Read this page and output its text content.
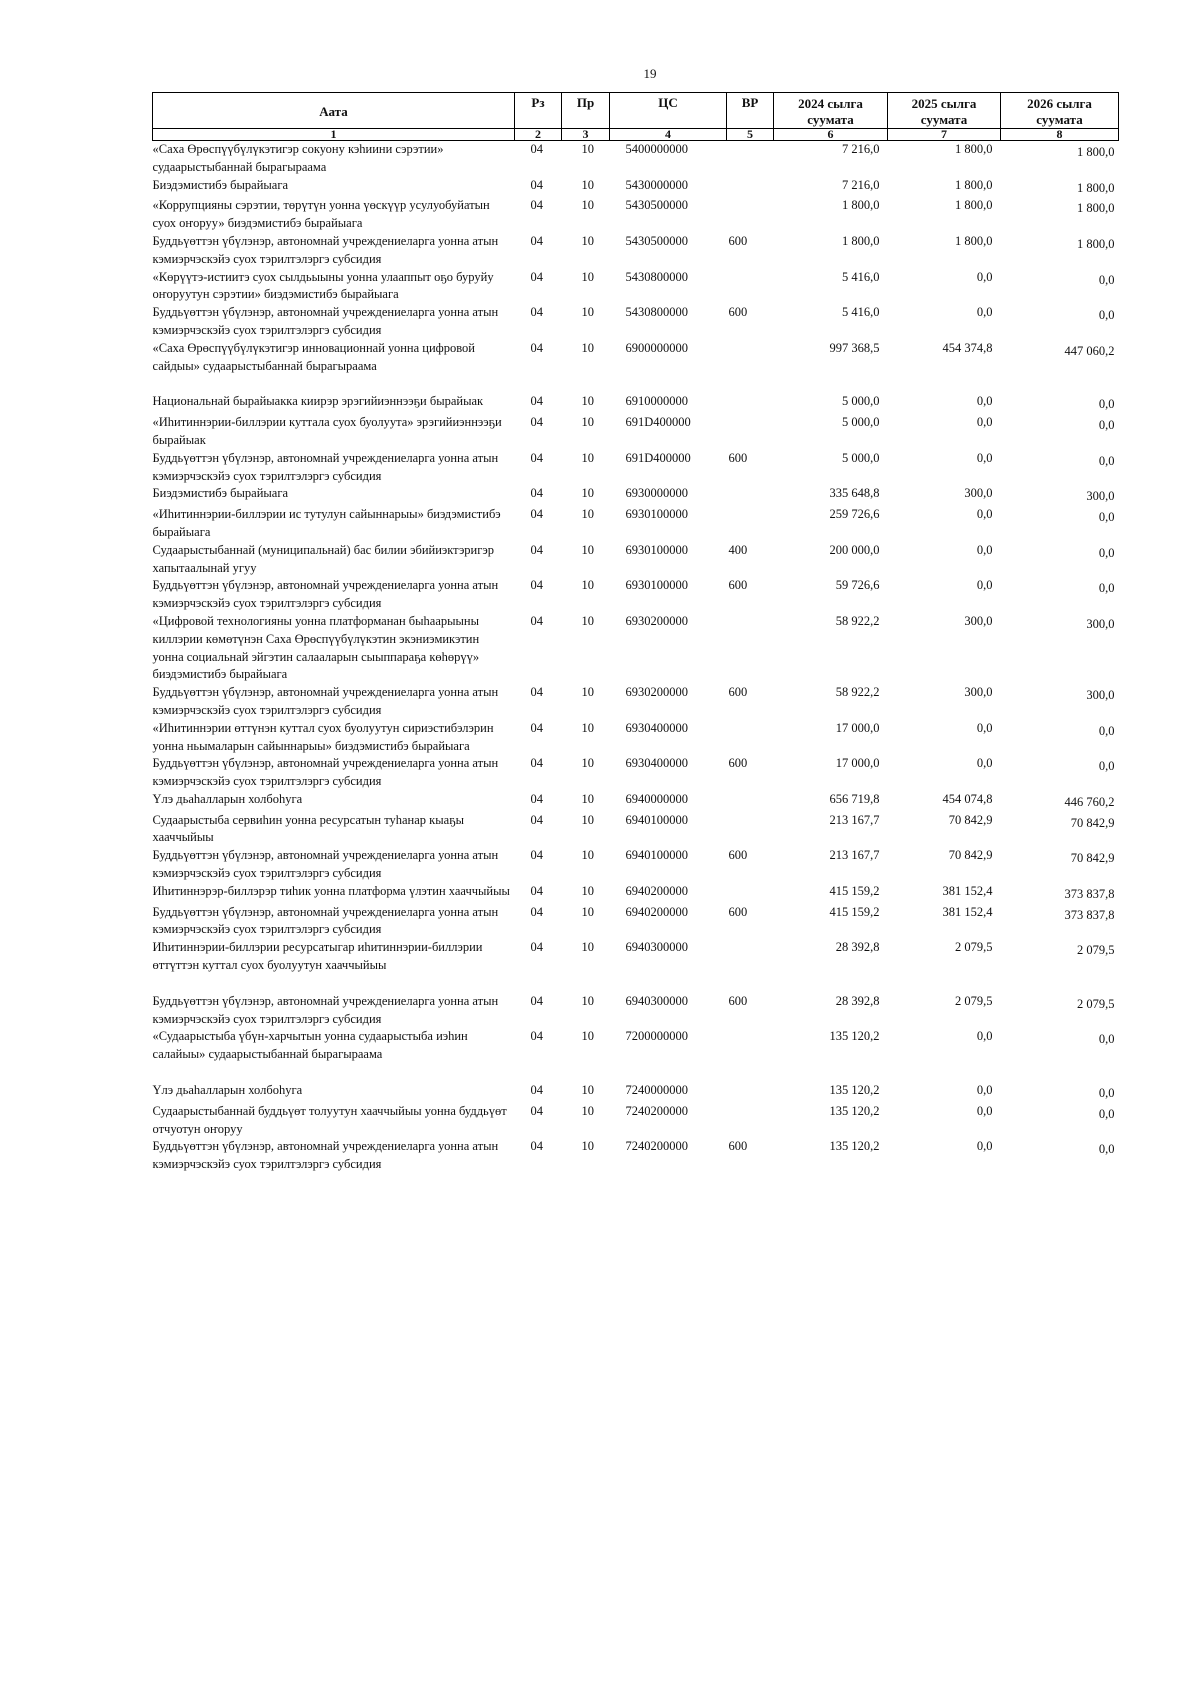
19
Аата	Рз	Пр	ЦС	ВР	2024 сылга суумата	2025 сылга суумата	2026 сылга суумата
1	2	3	4	5	6	7	8
«Саха Өрөспүүбүлүкэтигэр сокуону кэһиини сэрэтии» судаарыстыбаннай бырагыраама	04	10	5400000000		7 216,0	1 800,0	1 800,0
Биэдэмистибэ бырайыага	04	10	5430000000		7 216,0	1 800,0	1 800,0
«Коррупцияны сэрэтии, төрүтүн уонна үөскүүр усулуобуйатын суох оҥоруу» биэдэмистибэ бырайыага	04	10	5430500000		1 800,0	1 800,0	1 800,0
Буддьүөттэн үбүлэнэр, автономнай учреждениеларга уонна атын кэмиэрчэскэйэ суох тэрилтэлэргэ субсидия	04	10	5430500000	600	1 800,0	1 800,0	1 800,0
«Көрүүтэ-истиитэ суох сылдьыыны уонна улааппыт оҕо буруйу оҥоруутун сэрэтии» биэдэмистибэ бырайыага	04	10	5430800000		5 416,0	0,0	0,0
Буддьүөттэн үбүлэнэр, автономнай учреждениеларга уонна атын кэмиэрчэскэйэ суох тэрилтэлэргэ субсидия	04	10	5430800000	600	5 416,0	0,0	0,0
«Саха Өрөспүүбүлүкэтигэр инновационнай уонна цифровой сайдыы» судаарыстыбаннай бырагыраама	04	10	6900000000		997 368,5	454 374,8	447 060,2
Национальнай бырайыакка киирэр эрэгийиэннээҕи бырайыак	04	10	6910000000		5 000,0	0,0	0,0
«Иһитиннэрии-биллэрии куттала суох буолуута» эрэгийиэннээҕи бырайыак	04	10	691D400000		5 000,0	0,0	0,0
Буддьүөттэн үбүлэнэр, автономнай учреждениеларга уонна атын кэмиэрчэскэйэ суох тэрилтэлэргэ субсидия	04	10	691D400000	600	5 000,0	0,0	0,0
Биэдэмистибэ бырайыага	04	10	6930000000		335 648,8	300,0	300,0
«Иһитиннэрии-биллэрии ис тутулун сайыннарыы» биэдэмистибэ бырайыага	04	10	6930100000		259 726,6	0,0	0,0
Судаарыстыбаннай (муниципальнай) бас билии эбийиэктэригэр хапытаалынай угуу	04	10	6930100000	400	200 000,0	0,0	0,0
Буддьүөттэн үбүлэнэр, автономнай учреждениеларга уонна атын кэмиэрчэскэйэ суох тэрилтэлэргэ субсидия	04	10	6930100000	600	59 726,6	0,0	0,0
«Цифровой технологияны уонна платформанан быһаарыыны киллэрии көмөтүнэн Саха Өрөспүүбүлүкэтин экэниэмикэтин уонна социальнай эйгэтин салааларын сыыппараҕа көһөрүү» биэдэмистибэ бырайыага	04	10	6930200000		58 922,2	300,0	300,0
Буддьүөттэн үбүлэнэр, автономнай учреждениеларга уонна атын кэмиэрчэскэйэ суох тэрилтэлэргэ субсидия	04	10	6930200000	600	58 922,2	300,0	300,0
«Иһитиннэрии өттүнэн куттал суох буолуутун сириэстибэлэрин уонна ньымаларын сайыннарыы» биэдэмистибэ бырайыага	04	10	6930400000		17 000,0	0,0	0,0
Буддьүөттэн үбүлэнэр, автономнай учреждениеларга уонна атын кэмиэрчэскэйэ суох тэрилтэлэргэ субсидия	04	10	6930400000	600	17 000,0	0,0	0,0
Үлэ дьаһалларын холбоһуга	04	10	6940000000		656 719,8	454 074,8	446 760,2
Судаарыстыба сервиһин уонна ресурсатын туһанар кыаҕы хааччыйыы	04	10	6940100000		213 167,7	70 842,9	70 842,9
Буддьүөттэн үбүлэнэр, автономнай учреждениеларга уонна атын кэмиэрчэскэйэ суох тэрилтэлэргэ субсидия	04	10	6940100000	600	213 167,7	70 842,9	70 842,9
Иһитиннэрэр-биллэрэр тиһик уонна платформа үлэтин хааччыйыы	04	10	6940200000		415 159,2	381 152,4	373 837,8
Буддьүөттэн үбүлэнэр, автономнай учреждениеларга уонна атын кэмиэрчэскэйэ суох тэрилтэлэргэ субсидия	04	10	6940200000	600	415 159,2	381 152,4	373 837,8
Иһитиннэрии-биллэрии ресурсатыгар иһитиннэрии-биллэрии өттүттэн куттал суох буолуутун хааччыйыы	04	10	6940300000		28 392,8	2 079,5	2 079,5
Буддьүөттэн үбүлэнэр, автономнай учреждениеларга уонна атын кэмиэрчэскэйэ суох тэрилтэлэргэ субсидия	04	10	6940300000	600	28 392,8	2 079,5	2 079,5
«Судаарыстыба үбүн-харчытын уонна судаарыстыба иэһин салайыы» судаарыстыбаннай бырагыраама	04	10	7200000000		135 120,2	0,0	0,0
Үлэ дьаһалларын холбоһуга	04	10	7240000000		135 120,2	0,0	0,0
Судаарыстыбаннай буддьүөт толуутун хааччыйыы уонна буддьүөт отчуотун оҥоруу	04	10	7240200000		135 120,2	0,0	0,0
Буддьүөттэн үбүлэнэр, автономнай учреждениеларга уонна атын кэмиэрчэскэйэ суох тэрилтэлэргэ субсидия	04	10	7240200000	600	135 120,2	0,0	0,0
